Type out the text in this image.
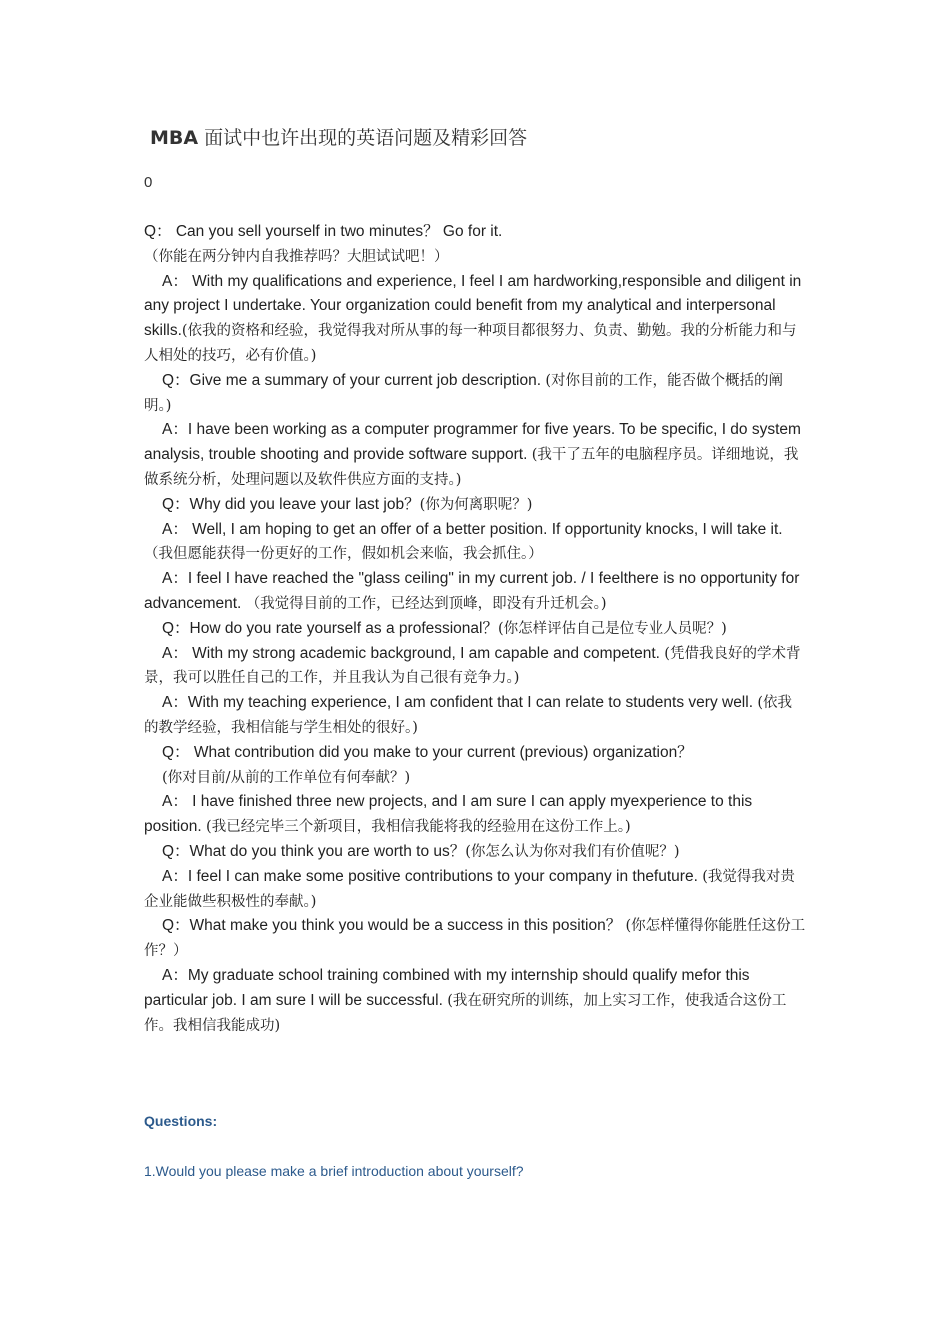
MBA 面试中也许出现的英语问题及精彩回答
0

Q： Can you sell yourself in two minutes？ Go for it. （你能在两分钟内自我推荐吗？大胆试试吧！）

A： With my qualifications and experience, I feel I am hardworking,responsible and diligent in any project I undertake. Your organization could benefit from my analytical and interpersonal skills.(依我的资格和经验，我觉得我对所从事的每一种项目都很努力、负责、勤勉。我的分析能力和与人相处的技巧，必有价值。)

Q：Give me a summary of your current job description. (对你目前的工作，能否做个概括的阐明。)

A：I have been working as a computer programmer for five years. To be specific, I do system analysis, trouble shooting and provide software support. (我干了五年的电脑程序员。详细地说，我做系统分析，处理问题以及软件供应方面的支持。)

Q：Why did you leave your last job？(你为何离职呢？)

A： Well, I am hoping to get an offer of a better position. If opportunity knocks, I will take it.（我但愿能获得一份更好的工作，假如机会来临，我会抓住。）

A：I feel I have reached the "glass ceiling" in my current job. / I feelthere is no opportunity for advancement. （我觉得目前的工作，已经达到顶峰，即没有升迁机会。)

Q：How do you rate yourself as a professional？(你怎样评估自己是位专业人员呢？)

A： With my strong academic background, I am capable and competent. (凭借我良好的学术背景，我可以胜任自己的工作，并且我认为自己很有竞争力。)

A：With my teaching experience, I am confident that I can relate to students very well. (依我的教学经验，我相信能与学生相处的很好。)

Q： What contribution did you make to your current (previous) organization？

(你对目前/从前的工作单位有何奉献？)

A： I have finished three new projects, and I am sure I can apply myexperience to this position. (我已经完毕三个新项目，我相信我能将我的经验用在这份工作上。)

Q：What do you think you are worth to us？(你怎么认为你对我们有价值呢？)

A：I feel I can make some positive contributions to your company in thefuture. (我觉得我对贵企业能做些积极性的奉献。)

Q：What make you think you would be a success in this position？ (你怎样懂得你能胜任这份工作？）

A：My graduate school training combined with my internship should qualify mefor this particular job. I am sure I will be successful. (我在研究所的训练，加上实习工作，使我适合这份工作。我相信我能成功)

Questions:
1.Would you please make a brief introduction about yourself?
